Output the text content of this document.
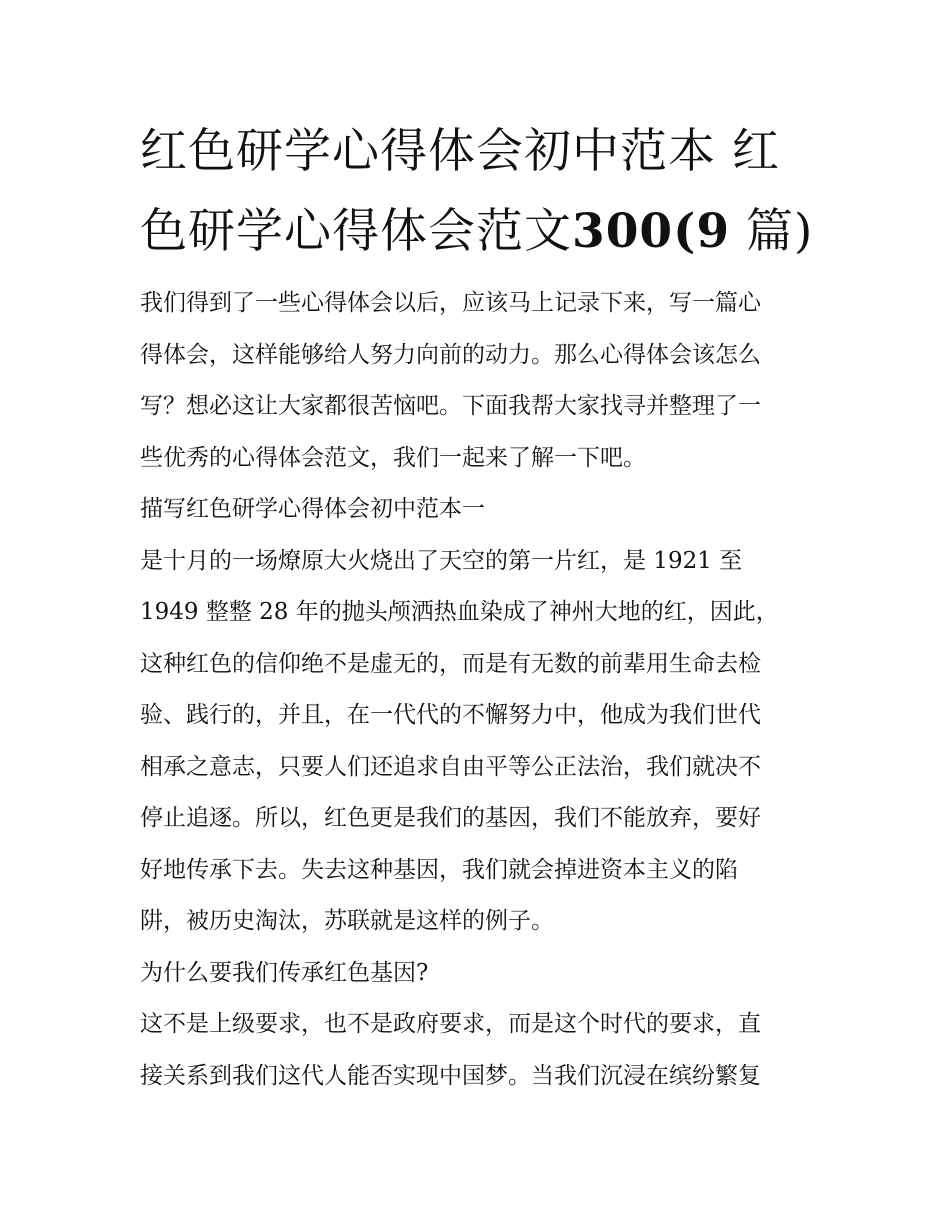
红色研学心得体会初中范本 红
色研学心得体会范文300(9 篇)

我们得到了一些心得体会以后，应该马上记录下来，写一篇心
得体会，这样能够给人努力向前的动力。那么心得体会该怎么
写？想必这让大家都很苦恼吧。下面我帮大家找寻并整理了一
些优秀的心得体会范文，我们一起来了解一下吧。

描写红色研学心得体会初中范本一

是十月的一场燎原大火烧出了天空的第一片红，是 1921 至
1949 整整 28 年的抛头颅洒热血染成了神州大地的红，因此，
这种红色的信仰绝不是虚无的，而是有无数的前辈用生命去检
验、践行的，并且，在一代代的不懈努力中，他成为我们世代
相承之意志，只要人们还追求自由平等公正法治，我们就决不
停止追逐。所以，红色更是我们的基因，我们不能放弃，要好
好地传承下去。失去这种基因，我们就会掉进资本主义的陷
阱，被历史淘汰，苏联就是这样的例子。

为什么要我们传承红色基因?

这不是上级要求，也不是政府要求，而是这个时代的要求，直
接关系到我们这代人能否实现中国梦。当我们沉浸在缤纷繁复
